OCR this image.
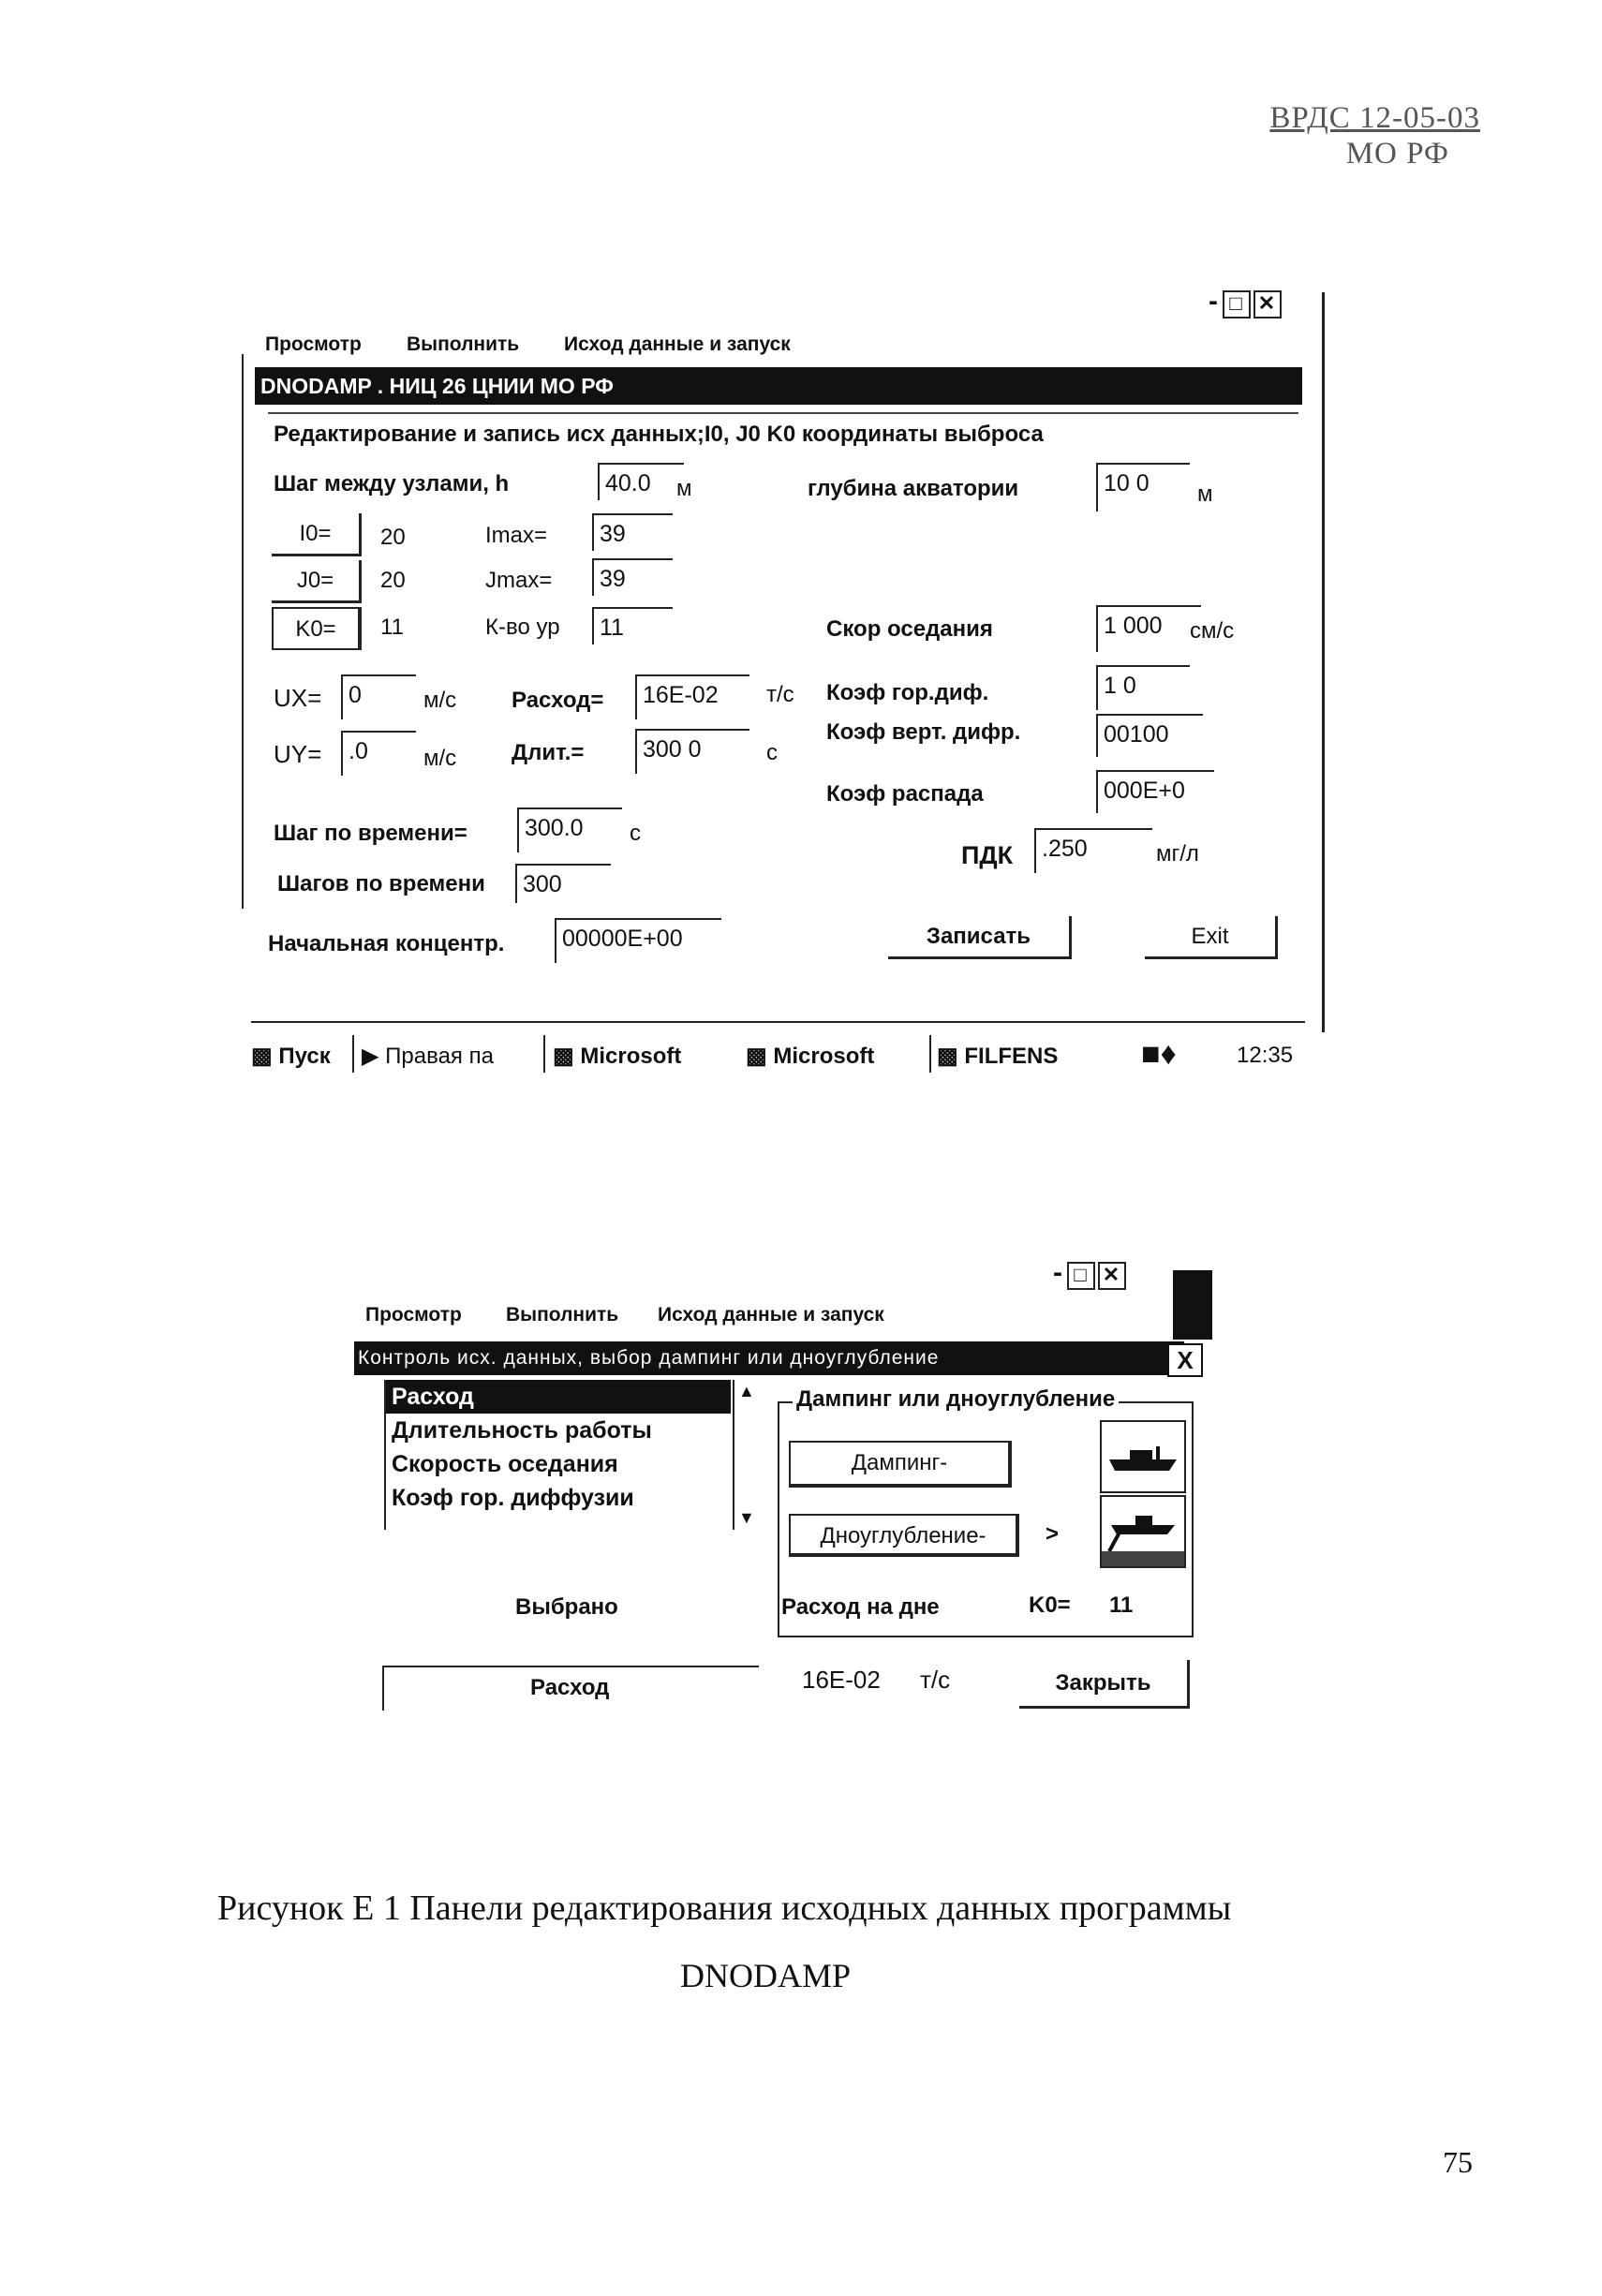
ВРДС 12-05-03
МО РФ
- □ ✕
Просмотр Выполнить Исход данные и запуск
DNODAMP . НИЦ 26 ЦНИИ МО РФ
Редактирование и запись исх данных;I0, J0 K0 координаты выброса
Шаг между узлами, h	40.0 м	глубина акватории	10 0	м
I0=	20	Imax=	39
J0=	20	Jmax=	39
K0=	11	К-во ур	11	Скор оседания	1 000	см/с
UX=	0	м/с
UY=	.0	м/с
Расход=	16E-02 т/с
Длит.=	300 0	с
Коэф гор.диф.	1 0
Коэф верт. дифр.	00100
Коэф распада	000E+0
Шаг по времени=	300.0	с
Шагов по времени	300
ПДК	.250	мг/л
Начальная концентр.	00000E+00	Записать	Exit
▩ Пуск ▶ Правая па	▩ Microsoft	▩ Microsoft	▩ FILFENS	■♦	12:35
- □ ✕
Просмотр Выполнить Исход данные и запуск
Контроль исх. данных, выбор дампинг или дноуглубление	X
Расход
Длительность работы
Скорость оседания
Коэф гор. диффузии
▲
▼
Выбрано
Дампинг или дноуглубление
Дампинг-
Дноуглубление-	>
Расход на дне	K0= 11
Расход	16E-02 т/с	Закрыть
Рисунок Е 1 Панели редактирования исходных данных программы
DNODAMP
75
